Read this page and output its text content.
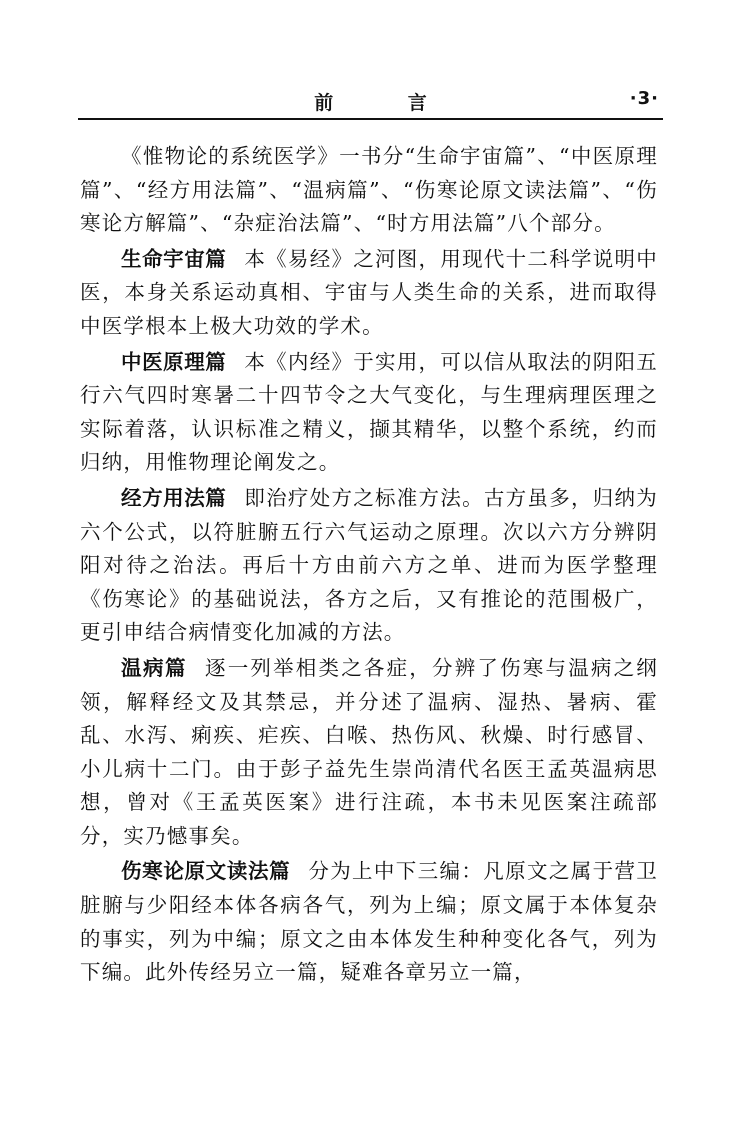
前 言	·3·

《惟物论的系统医学》一书分“生命宇宙篇”、“中医原理篇”、“经方用法篇”、“温病篇”、“伤寒论原文读法篇”、“伤寒论方解篇”、“杂症治法篇”、“时方用法篇”八个部分。

生命宇宙篇 本《易经》之河图，用现代十二科学说明中医，本身关系运动真相、宇宙与人类生命的关系，进而取得中医学根本上极大功效的学术。

中医原理篇 本《内经》于实用，可以信从取法的阴阳五行六气四时寒暑二十四节令之大气变化，与生理病理医理之实际着落，认识标准之精义，撷其精华，以整个系统，约而归纳，用惟物理论阐发之。

经方用法篇 即治疗处方之标准方法。古方虽多，归纳为六个公式，以符脏腑五行六气运动之原理。次以六方分辨阴阳对待之治法。再后十方由前六方之单、进而为医学整理《伤寒论》的基础说法，各方之后，又有推论的范围极广，更引申结合病情变化加减的方法。

温病篇 逐一列举相类之各症，分辨了伤寒与温病之纲领，解释经文及其禁忌，并分述了温病、湿热、暑病、霍乱、水泻、痢疾、疟疾、白喉、热伤风、秋燥、时行感冒、小儿病十二门。由于彭子益先生崇尚清代名医王孟英温病思想，曾对《王孟英医案》进行注疏，本书未见医案注疏部分，实乃憾事矣。

伤寒论原文读法篇 分为上中下三编：凡原文之属于营卫脏腑与少阳经本体各病各气，列为上编；原文属于本体复杂的事实，列为中编；原文之由本体发生种种变化各气，列为下编。此外传经另立一篇，疑难各章另立一篇，
